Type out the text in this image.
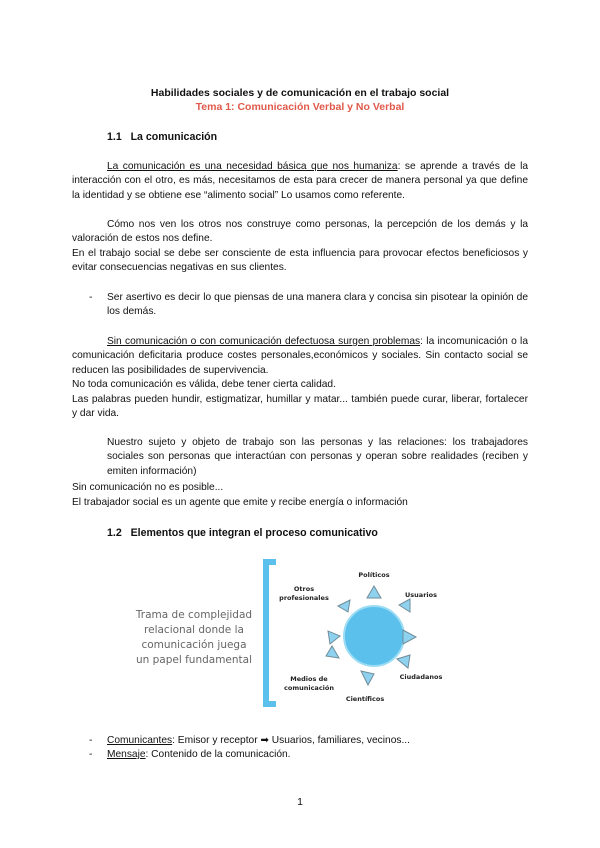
Habilidades sociales y de comunicación en el trabajo social
Tema 1: Comunicación Verbal y No Verbal
1.1 La comunicación
La comunicación es una necesidad básica que nos humaniza: se aprende a través de la interacción con el otro, es más, necesitamos de esta para crecer de manera personal ya que define la identidad y se obtiene ese “alimento social” Lo usamos como referente.
Cómo nos ven los otros nos construye como personas, la percepción de los demás y la valoración de estos nos define.
En el trabajo social se debe ser consciente de esta influencia para provocar efectos beneficiosos y evitar consecuencias negativas en sus clientes.
- Ser asertivo es decir lo que piensas de una manera clara y concisa sin pisotear la opinión de los demás.
Sin comunicación o con comunicación defectuosa surgen problemas: la incomunicación o la comunicación deficitaria produce costes personales,económicos y sociales. Sin contacto social se reducen las posibilidades de supervivencia.
No toda comunicación es válida, debe tener cierta calidad.
Las palabras pueden hundir, estigmatizar, humillar y matar... también puede curar, liberar, fortalecer y dar vida.
Nuestro sujeto y objeto de trabajo son las personas y las relaciones: los trabajadores sociales son personas que interactúan con personas y operan sobre realidades (reciben y emiten información)
Sin comunicación no es posible...
El trabajador social es un agente que emite y recibe energía o información
1.2 Elementos que integran el proceso comunicativo
Trama de complejidad
relacional donde la
comunicación juega
un papel fundamental
Políticos
Usuarios
Otros
profesionales
Ciudadanos
Científicos
Medios de
comunicación
- Comunicantes: Emisor y receptor ➡ Usuarios, familiares, vecinos...
- Mensaje: Contenido de la comunicación.
1
